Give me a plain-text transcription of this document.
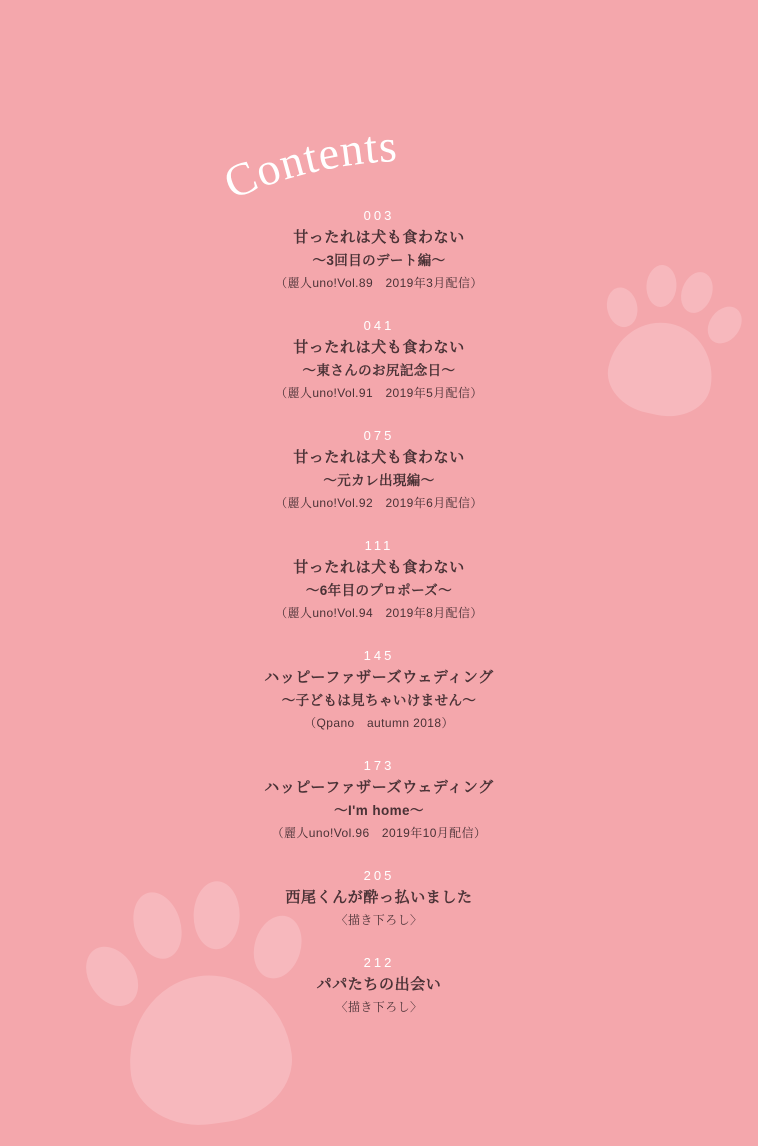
Contents
003
甘ったれは犬も食わない
〜3回目のデート編〜
（麗人uno!Vol.89　2019年3月配信）
041
甘ったれは犬も食わない
〜東さんのお尻記念日〜
（麗人uno!Vol.91　2019年5月配信）
075
甘ったれは犬も食わない
〜元カレ出現編〜
（麗人uno!Vol.92　2019年6月配信）
111
甘ったれは犬も食わない
〜6年目のプロポーズ〜
（麗人uno!Vol.94　2019年8月配信）
145
ハッピーファザーズウェディング
〜子どもは見ちゃいけません〜
（Qpano　autumn 2018）
173
ハッピーファザーズウェディング
〜I'm home〜
（麗人uno!Vol.96　2019年10月配信）
205
西尾くんが酔っ払いました
〈描き下ろし〉
212
パパたちの出会い
〈描き下ろし〉
